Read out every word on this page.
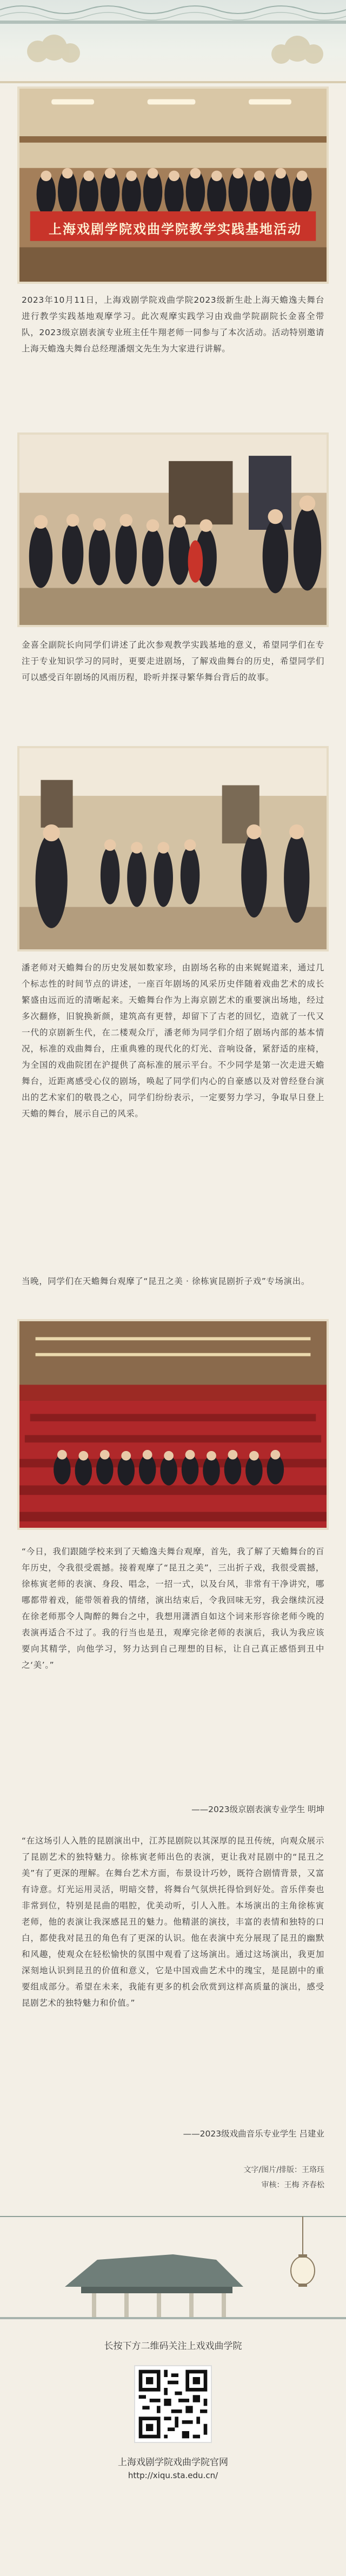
上海戏剧学院戏曲学院教学实践基地活动

2023年10月11日，上海戏剧学院戏曲学院2023级新生赴上海天蟾逸夫舞台进行教学实践基地观摩学习。此次观摩实践学习由戏曲学院副院长金喜全带队，2023级京剧表演专业班主任牛翔老师一同参与了本次活动。活动特别邀请上海天蟾逸夫舞台总经理潘烟文先生为大家进行讲解。

金喜全副院长向同学们讲述了此次参观教学实践基地的意义，希望同学们在专注于专业知识学习的同时，更要走进剧场，了解戏曲舞台的历史，希望同学们可以感受百年剧场的风雨历程，聆听并探寻繁华舞台背后的故事。

潘老师对天蟾舞台的历史发展如数家珍，由剧场名称的由来娓娓道来，通过几个标志性的时间节点的讲述，一座百年剧场的风采历史伴随着戏曲艺术的成长繁盛由远而近的清晰起来。天蟾舞台作为上海京剧艺术的重要演出场地，经过多次翻修，旧貌换新颜，建筑高有更替，却留下了古老的回忆，造就了一代又一代的京剧新生代，在二楼观众厅，潘老师为同学们介绍了剧场内部的基本情况，标准的戏曲舞台，庄重典雅的现代化的灯光、音响设备，紧舒适的座椅，为全国的戏曲院团在沪提供了高标准的展示平台。不少同学是第一次走进天蟾舞台，近距离感受心仪的剧场，唤起了同学们内心的自豪感以及对曾经登台演出的艺术家们的敬畏之心，同学们纷纷表示，一定要努力学习，争取早日登上天蟾的舞台，展示自己的风采。

当晚，同学们在天蟾舞台观摩了“昆丑之美 · 徐栋寅昆剧折子戏”专场演出。

“今日，我们跟随学校来到了天蟾逸夫舞台观摩，首先，我了解了天蟾舞台的百年历史，令我很受震撼。接着观摩了“昆丑之美”，三出折子戏，我很受震撼，徐栋寅老师的表演、身段、唱念，一招一式，以及台风，非常有干净讲究，哪哪都带着戏，能带领着我的情绪，演出结束后，令我回味无穷，我会继续沉浸在徐老师那令人陶醉的舞台之中，我想用潇洒自如这个词来形容徐老师今晚的表演再适合不过了。我的行当也是丑，观摩完徐老师的表演后，我认为我应该要向其精学，向他学习，努力达到自己理想的目标，让自己真正感悟到丑中之‘美’。”

——2023级京剧表演专业学生 明坤

“在这场引人入胜的昆剧演出中，江苏昆剧院以其深厚的昆丑传统，向观众展示了昆剧艺术的独特魅力。徐栋寅老师出色的表演，更让我对昆剧中的“昆丑之美”有了更深的理解。在舞台艺术方面，布景设计巧妙，既符合剧情背景，又富有诗意。灯光运用灵活，明暗交替，将舞台气氛烘托得恰到好处。音乐伴奏也非常到位，特别是昆曲的唱腔，优美动听，引人入胜。本场演出的主角徐栋寅老师，他的表演让我深感昆丑的魅力。他精湛的演技，丰富的表情和独特的口白，都使我对昆丑的角色有了更深的认识。他在表演中充分展现了昆丑的幽默和风趣，使观众在轻松愉快的氛围中观看了这场演出。通过这场演出，我更加深刻地认识到昆丑的价值和意义，它是中国戏曲艺术中的瑰宝，是昆剧中的重要组成部分。希望在未来，我能有更多的机会欣赏到这样高质量的演出，感受昆剧艺术的独特魅力和价值。”

——2023级戏曲音乐专业学生 吕建业

文字/图片/排版：王珞珏

审核：王梅 齐春松

长按下方二维码关注上戏戏曲学院

上海戏剧学院戏曲学院官网

http://xiqu.sta.edu.cn/
